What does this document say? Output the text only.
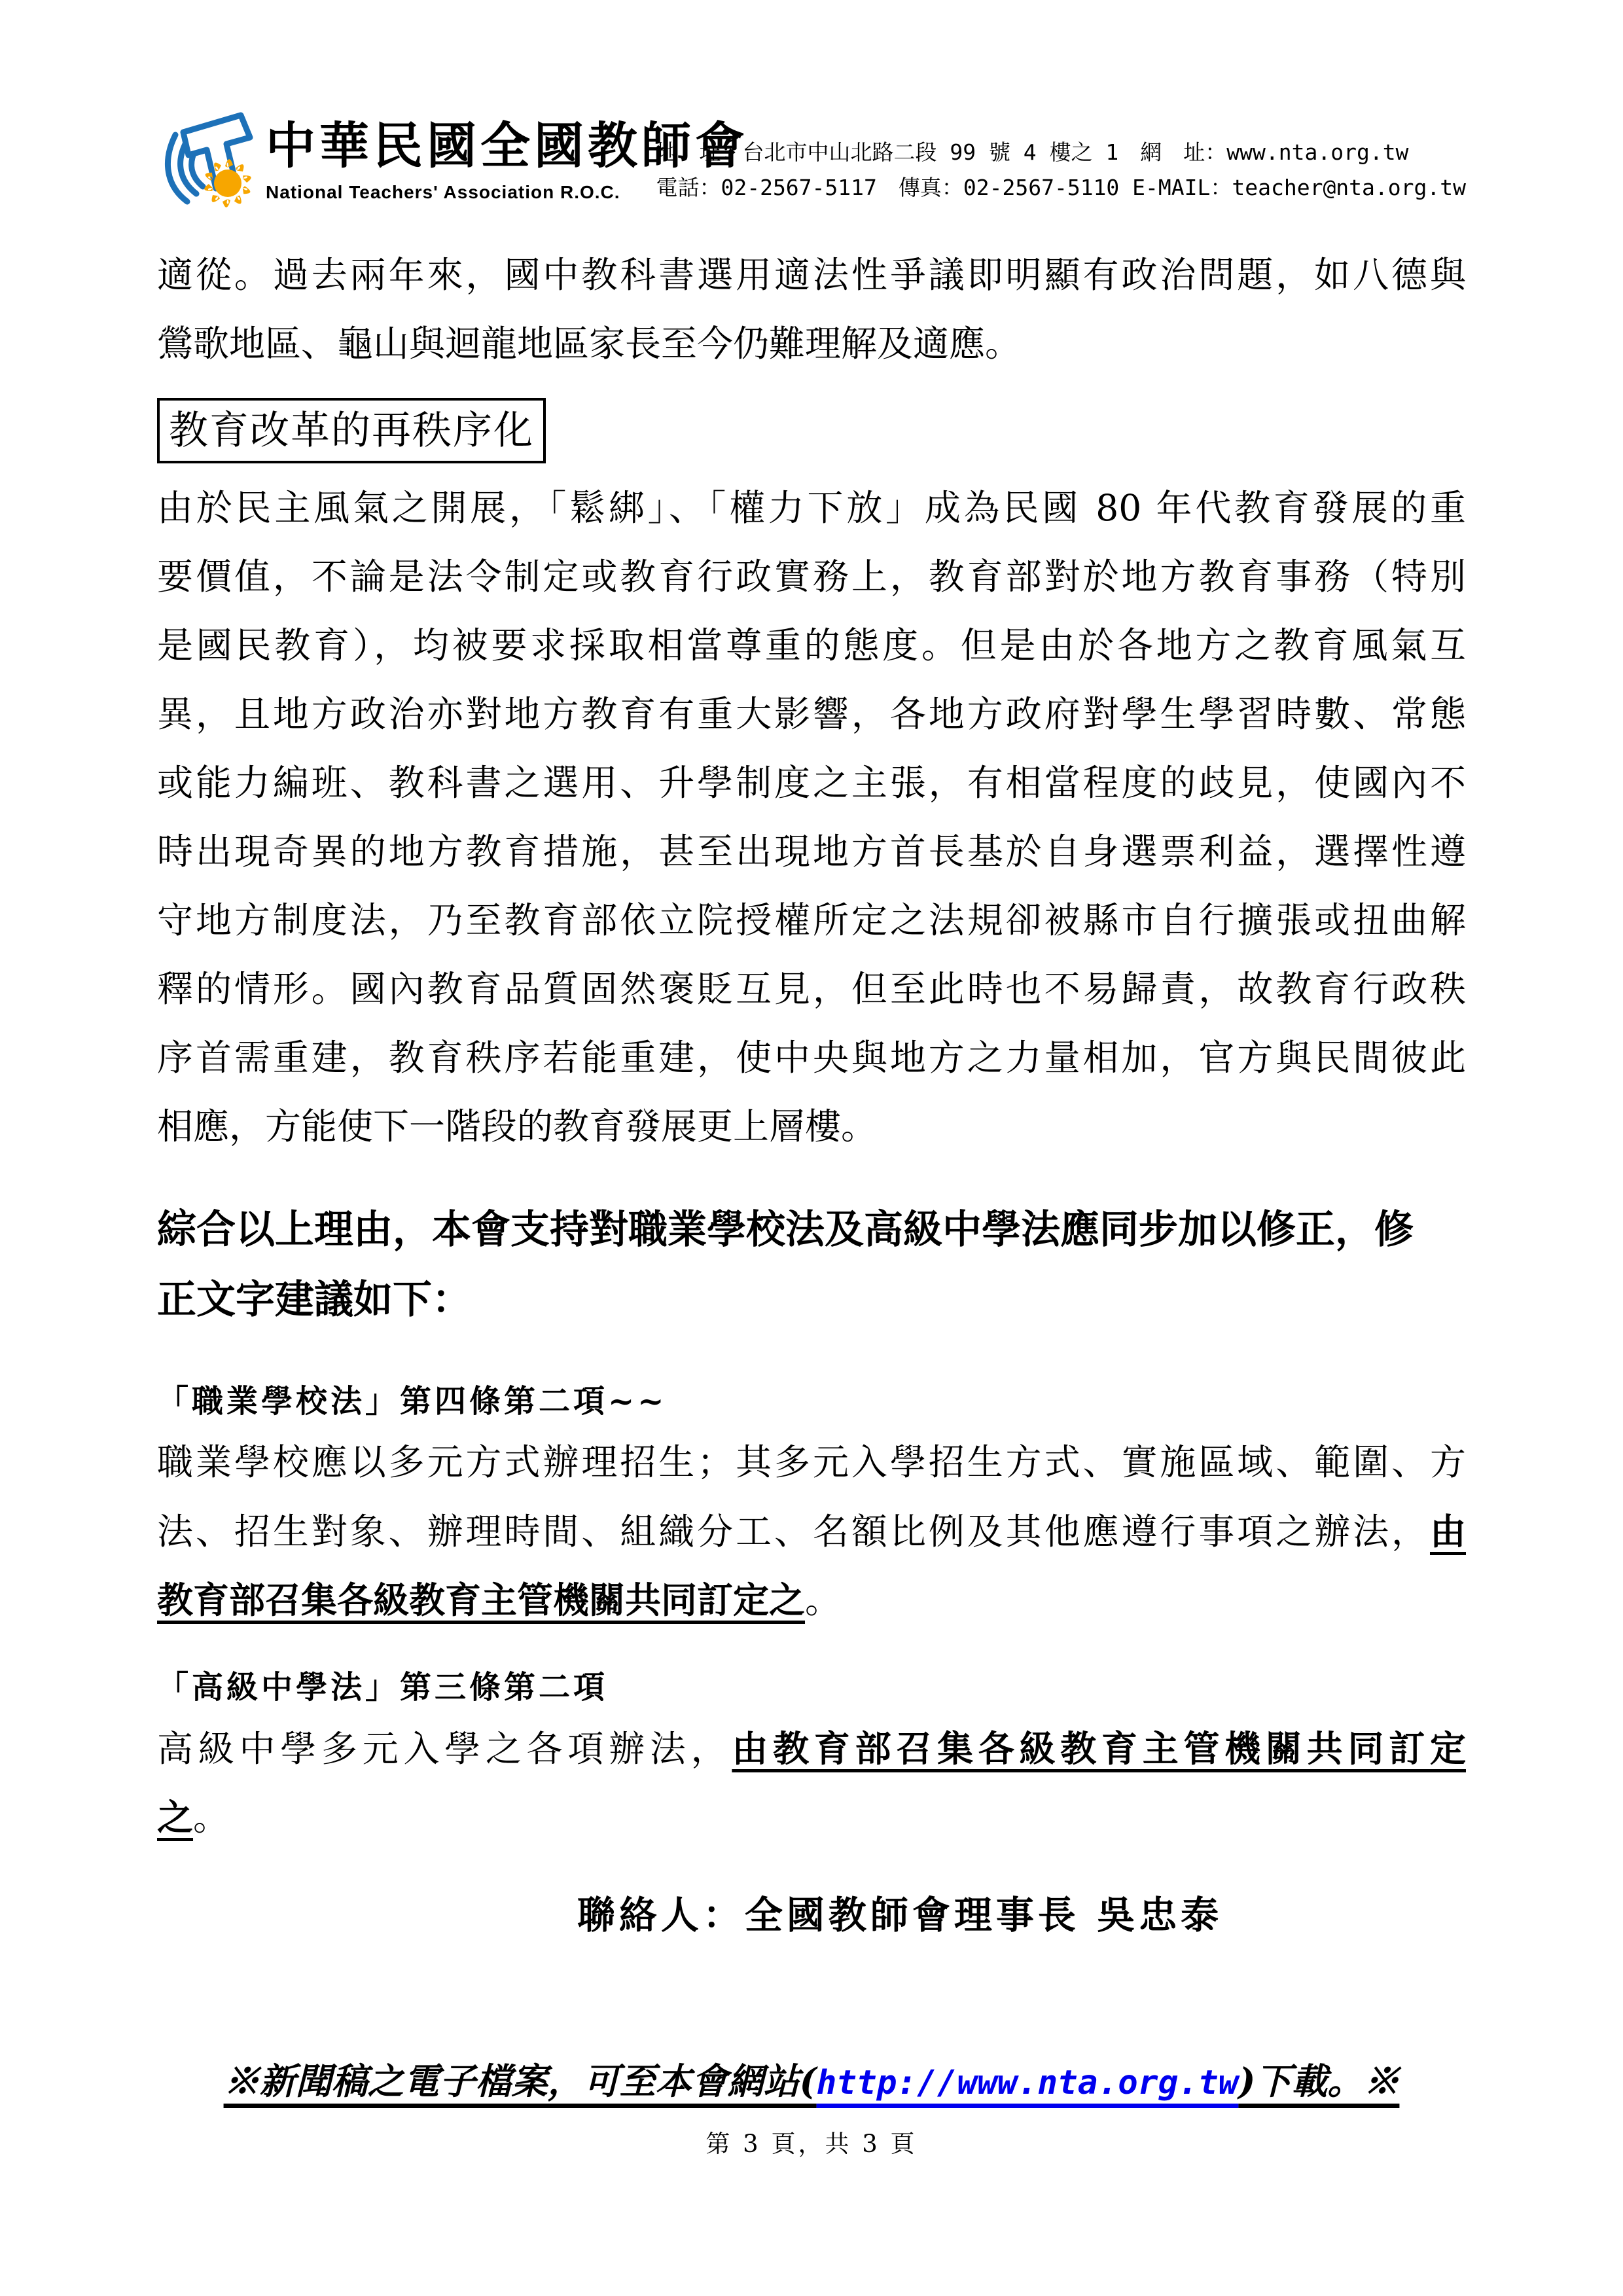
中華民國全國教師會
National Teachers' Association R.O.C.
地　址：台北市中山北路二段 99 號 4 樓之 1　網　址：www.nta.org.tw
電話：02-2567-5117　傳真：02-2567-5110 E-MAIL：teacher@nta.org.tw
適從。過去兩年來，國中教科書選用適法性爭議即明顯有政治問題，如八德與
鶯歌地區、龜山與迴龍地區家長至今仍難理解及適應。
教育改革的再秩序化
由於民主風氣之開展，「鬆綁」、「權力下放」成為民國 80 年代教育發展的重
要價值，不論是法令制定或教育行政實務上，教育部對於地方教育事務（特別
是國民教育），均被要求採取相當尊重的態度。但是由於各地方之教育風氣互
異，且地方政治亦對地方教育有重大影響，各地方政府對學生學習時數、常態
或能力編班、教科書之選用、升學制度之主張，有相當程度的歧見，使國內不
時出現奇異的地方教育措施，甚至出現地方首長基於自身選票利益，選擇性遵
守地方制度法，乃至教育部依立院授權所定之法規卻被縣市自行擴張或扭曲解
釋的情形。國內教育品質固然褒貶互見，但至此時也不易歸責，故教育行政秩
序首需重建，教育秩序若能重建，使中央與地方之力量相加，官方與民間彼此
相應，方能使下一階段的教育發展更上層樓。
綜合以上理由，本會支持對職業學校法及高級中學法應同步加以修正，修
正文字建議如下：
「職業學校法」第四條第二項~~
職業學校應以多元方式辦理招生；其多元入學招生方式、實施區域、範圍、方
法、招生對象、辦理時間、組織分工、名額比例及其他應遵行事項之辦法，由
教育部召集各級教育主管機關共同訂定之。
「高級中學法」第三條第二項
高級中學多元入學之各項辦法，由教育部召集各級教育主管機關共同訂定
之。
聯絡人：全國教師會理事長 吳忠泰
※新聞稿之電子檔案，可至本會網站(http://www.nta.org.tw)下載。※
第 3 頁，共 3 頁
